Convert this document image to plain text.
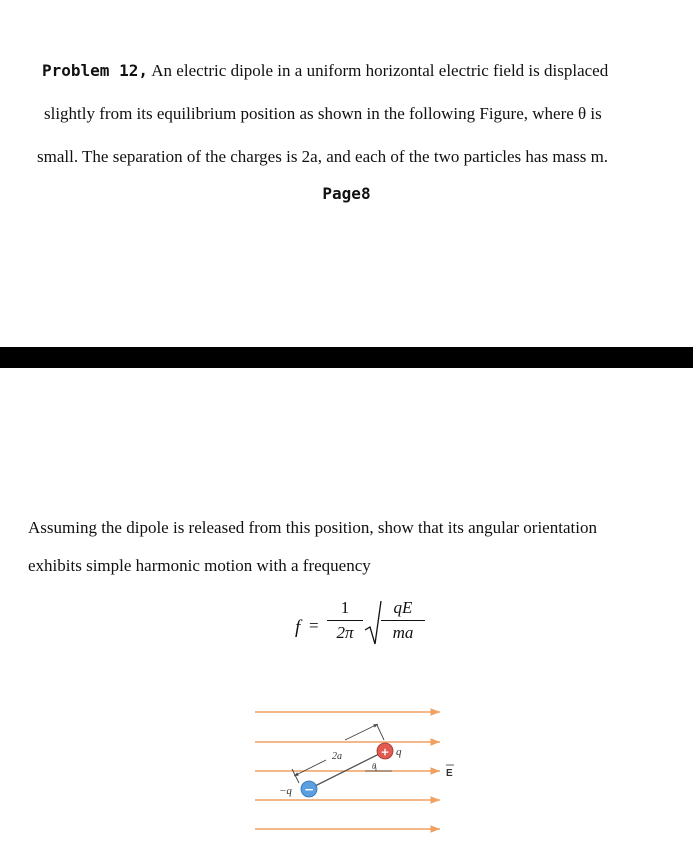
Problem 12, An electric dipole in a uniform horizontal electric field is displaced
slightly from its equilibrium position as shown in the following Figure, where θ is
small. The separation of the charges is 2a, and each of the two particles has mass m.
Page8
Assuming the dipole is released from this position, show that its angular orientation
exhibits simple harmonic motion with a frequency
f =
1
2π
qE
ma
+
−
q
−q
2a
θ
E
